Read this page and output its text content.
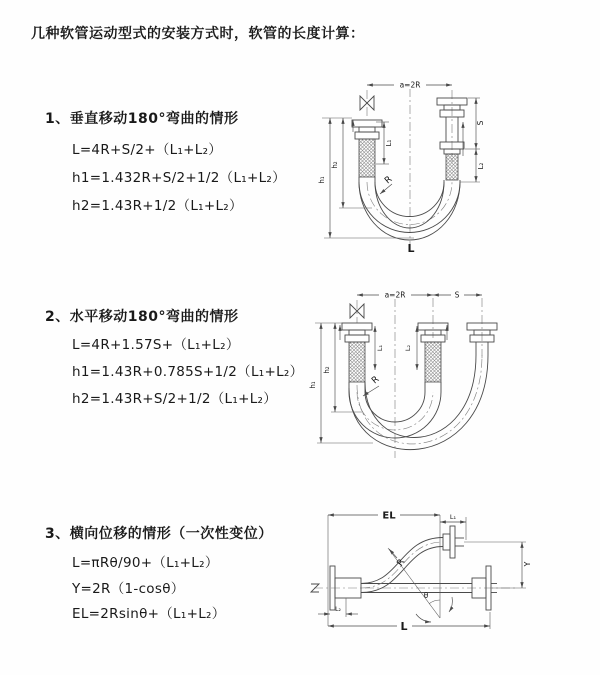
几种软管运动型式的安装方式时，软管的长度计算：
1、垂直移动180°弯曲的情形
L=4R+S/2+（L₁+L₂）
h1=1.432R+S/2+1/2（L₁+L₂）
h2=1.43R+1/2（L₁+L₂）
2、水平移动180°弯曲的情形
L=4R+1.57S+（L₁+L₂）
h1=1.43R+0.785S+1/2（L₁+L₂）
h2=1.43R+S/2+1/2（L₁+L₂）
3、横向位移的情形（一次性变位）
L=πRθ/90+（L₁+L₂）
Y=2R（1-cosθ）
EL=2Rsinθ+（L₁+L₂）
a=2R
R
S
L₂
L₁
h₂
h₁
L
a=2R	S
L₁	L₂
R
h₂
h₁
EL	L₁
Y
R
θ
L₂
L
